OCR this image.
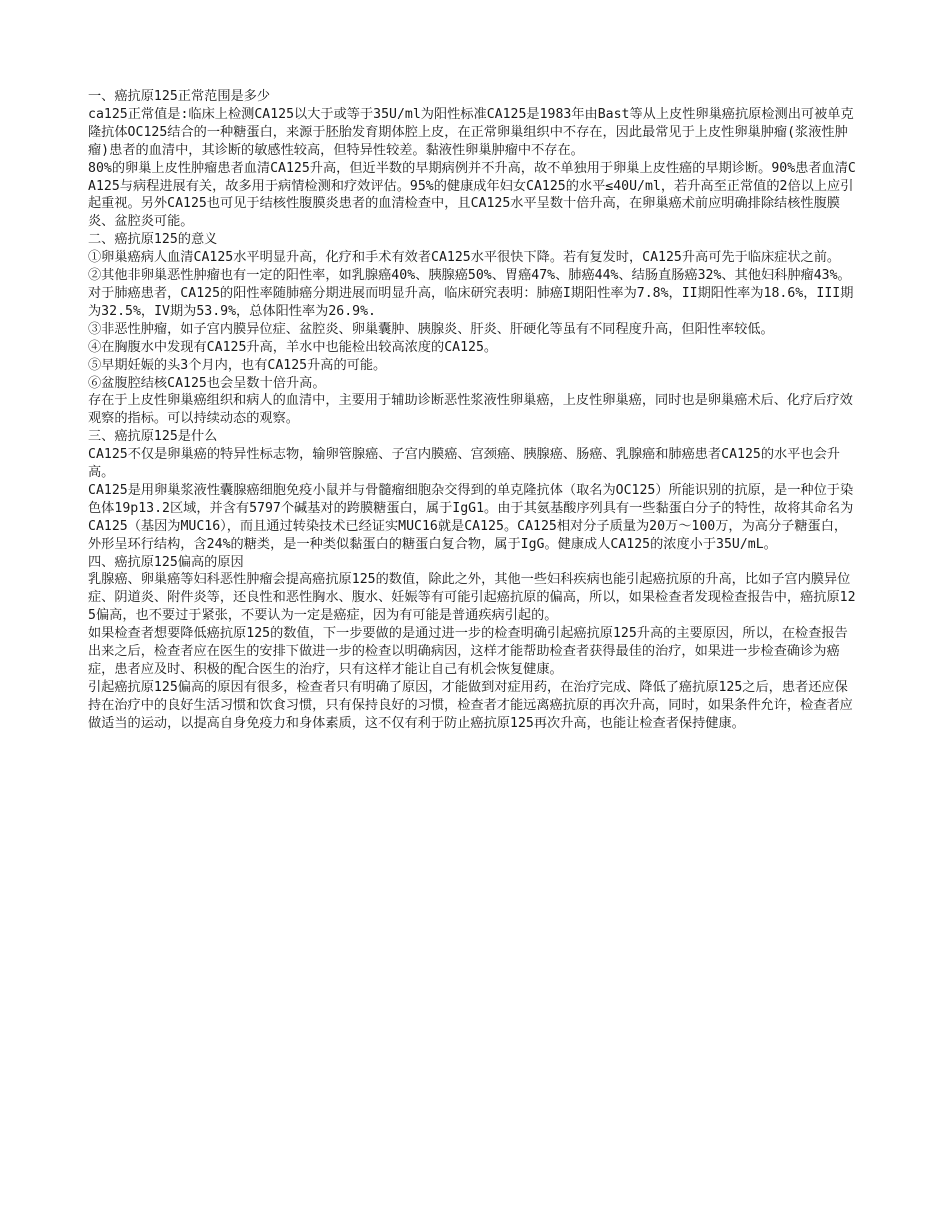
一、癌抗原125正常范围是多少

ca125正常值是:临床上检测CA125以大于或等于35U/ml为阳性标准CA125是1983年由Bast等从上皮性卵巢癌抗原检测出可被单克隆抗体OC125结合的一种糖蛋白，来源于胚胎发育期体腔上皮，在正常卵巢组织中不存在，因此最常见于上皮性卵巢肿瘤(浆液性肿瘤)患者的血清中，其诊断的敏感性较高，但特异性较差。黏液性卵巢肿瘤中不存在。

80%的卵巢上皮性肿瘤患者血清CA125升高，但近半数的早期病例并不升高，故不单独用于卵巢上皮性癌的早期诊断。90%患者血清CA125与病程进展有关，故多用于病情检测和疗效评估。95%的健康成年妇女CA125的水平≤40U/ml，若升高至正常值的2倍以上应引起重视。另外CA125也可见于结核性腹膜炎患者的血清检查中，且CA125水平呈数十倍升高，在卵巢癌术前应明确排除结核性腹膜炎、盆腔炎可能。

二、癌抗原125的意义

①卵巢癌病人血清CA125水平明显升高，化疗和手术有效者CA125水平很快下降。若有复发时，CA125升高可先于临床症状之前。

②其他非卵巢恶性肿瘤也有一定的阳性率，如乳腺癌40%、胰腺癌50%、胃癌47%、肺癌44%、结肠直肠癌32%、其他妇科肿瘤43%。对于肺癌患者，CA125的阳性率随肺癌分期进展而明显升高，临床研究表明：肺癌I期阳性率为7.8%，II期阳性率为18.6%，III期为32.5%，IV期为53.9%，总体阳性率为26.9%.

③非恶性肿瘤，如子宫内膜异位症、盆腔炎、卵巢囊肿、胰腺炎、肝炎、肝硬化等虽有不同程度升高，但阳性率较低。

④在胸腹水中发现有CA125升高，羊水中也能检出较高浓度的CA125。

⑤早期妊娠的头3个月内，也有CA125升高的可能。

⑥盆腹腔结核CA125也会呈数十倍升高。

存在于上皮性卵巢癌组织和病人的血清中，主要用于辅助诊断恶性浆液性卵巢癌，上皮性卵巢癌，同时也是卵巢癌术后、化疗后疗效观察的指标。可以持续动态的观察。

三、癌抗原125是什么

CA125不仅是卵巢癌的特异性标志物，输卵管腺癌、子宫内膜癌、宫颈癌、胰腺癌、肠癌、乳腺癌和肺癌患者CA125的水平也会升高。

CA125是用卵巢浆液性囊腺癌细胞免疫小鼠并与骨髓瘤细胞杂交得到的单克隆抗体（取名为OC125）所能识别的抗原，是一种位于染色体19p13.2区域，并含有5797个碱基对的跨膜糖蛋白，属于IgG1。由于其氨基酸序列具有一些黏蛋白分子的特性，故将其命名为CA125（基因为MUC16），而且通过转染技术已经证实MUC16就是CA125。CA125相对分子质量为20万～100万，为高分子糖蛋白，外形呈环行结构，含24%的糖类，是一种类似黏蛋白的糖蛋白复合物，属于IgG。健康成人CA125的浓度小于35U/mL。

四、癌抗原125偏高的原因

乳腺癌、卵巢癌等妇科恶性肿瘤会提高癌抗原125的数值，除此之外，其他一些妇科疾病也能引起癌抗原的升高，比如子宫内膜异位症、阴道炎、附件炎等，还良性和恶性胸水、腹水、妊娠等有可能引起癌抗原的偏高，所以，如果检查者发现检查报告中，癌抗原125偏高，也不要过于紧张，不要认为一定是癌症，因为有可能是普通疾病引起的。

如果检查者想要降低癌抗原125的数值，下一步要做的是通过进一步的检查明确引起癌抗原125升高的主要原因，所以，在检查报告出来之后，检查者应在医生的安排下做进一步的检查以明确病因，这样才能帮助检查者获得最佳的治疗，如果进一步检查确诊为癌症，患者应及时、积极的配合医生的治疗，只有这样才能让自己有机会恢复健康。

引起癌抗原125偏高的原因有很多，检查者只有明确了原因，才能做到对症用药，在治疗完成、降低了癌抗原125之后，患者还应保持在治疗中的良好生活习惯和饮食习惯，只有保持良好的习惯，检查者才能远离癌抗原的再次升高，同时，如果条件允许，检查者应做适当的运动，以提高自身免疫力和身体素质，这不仅有利于防止癌抗原125再次升高，也能让检查者保持健康。
